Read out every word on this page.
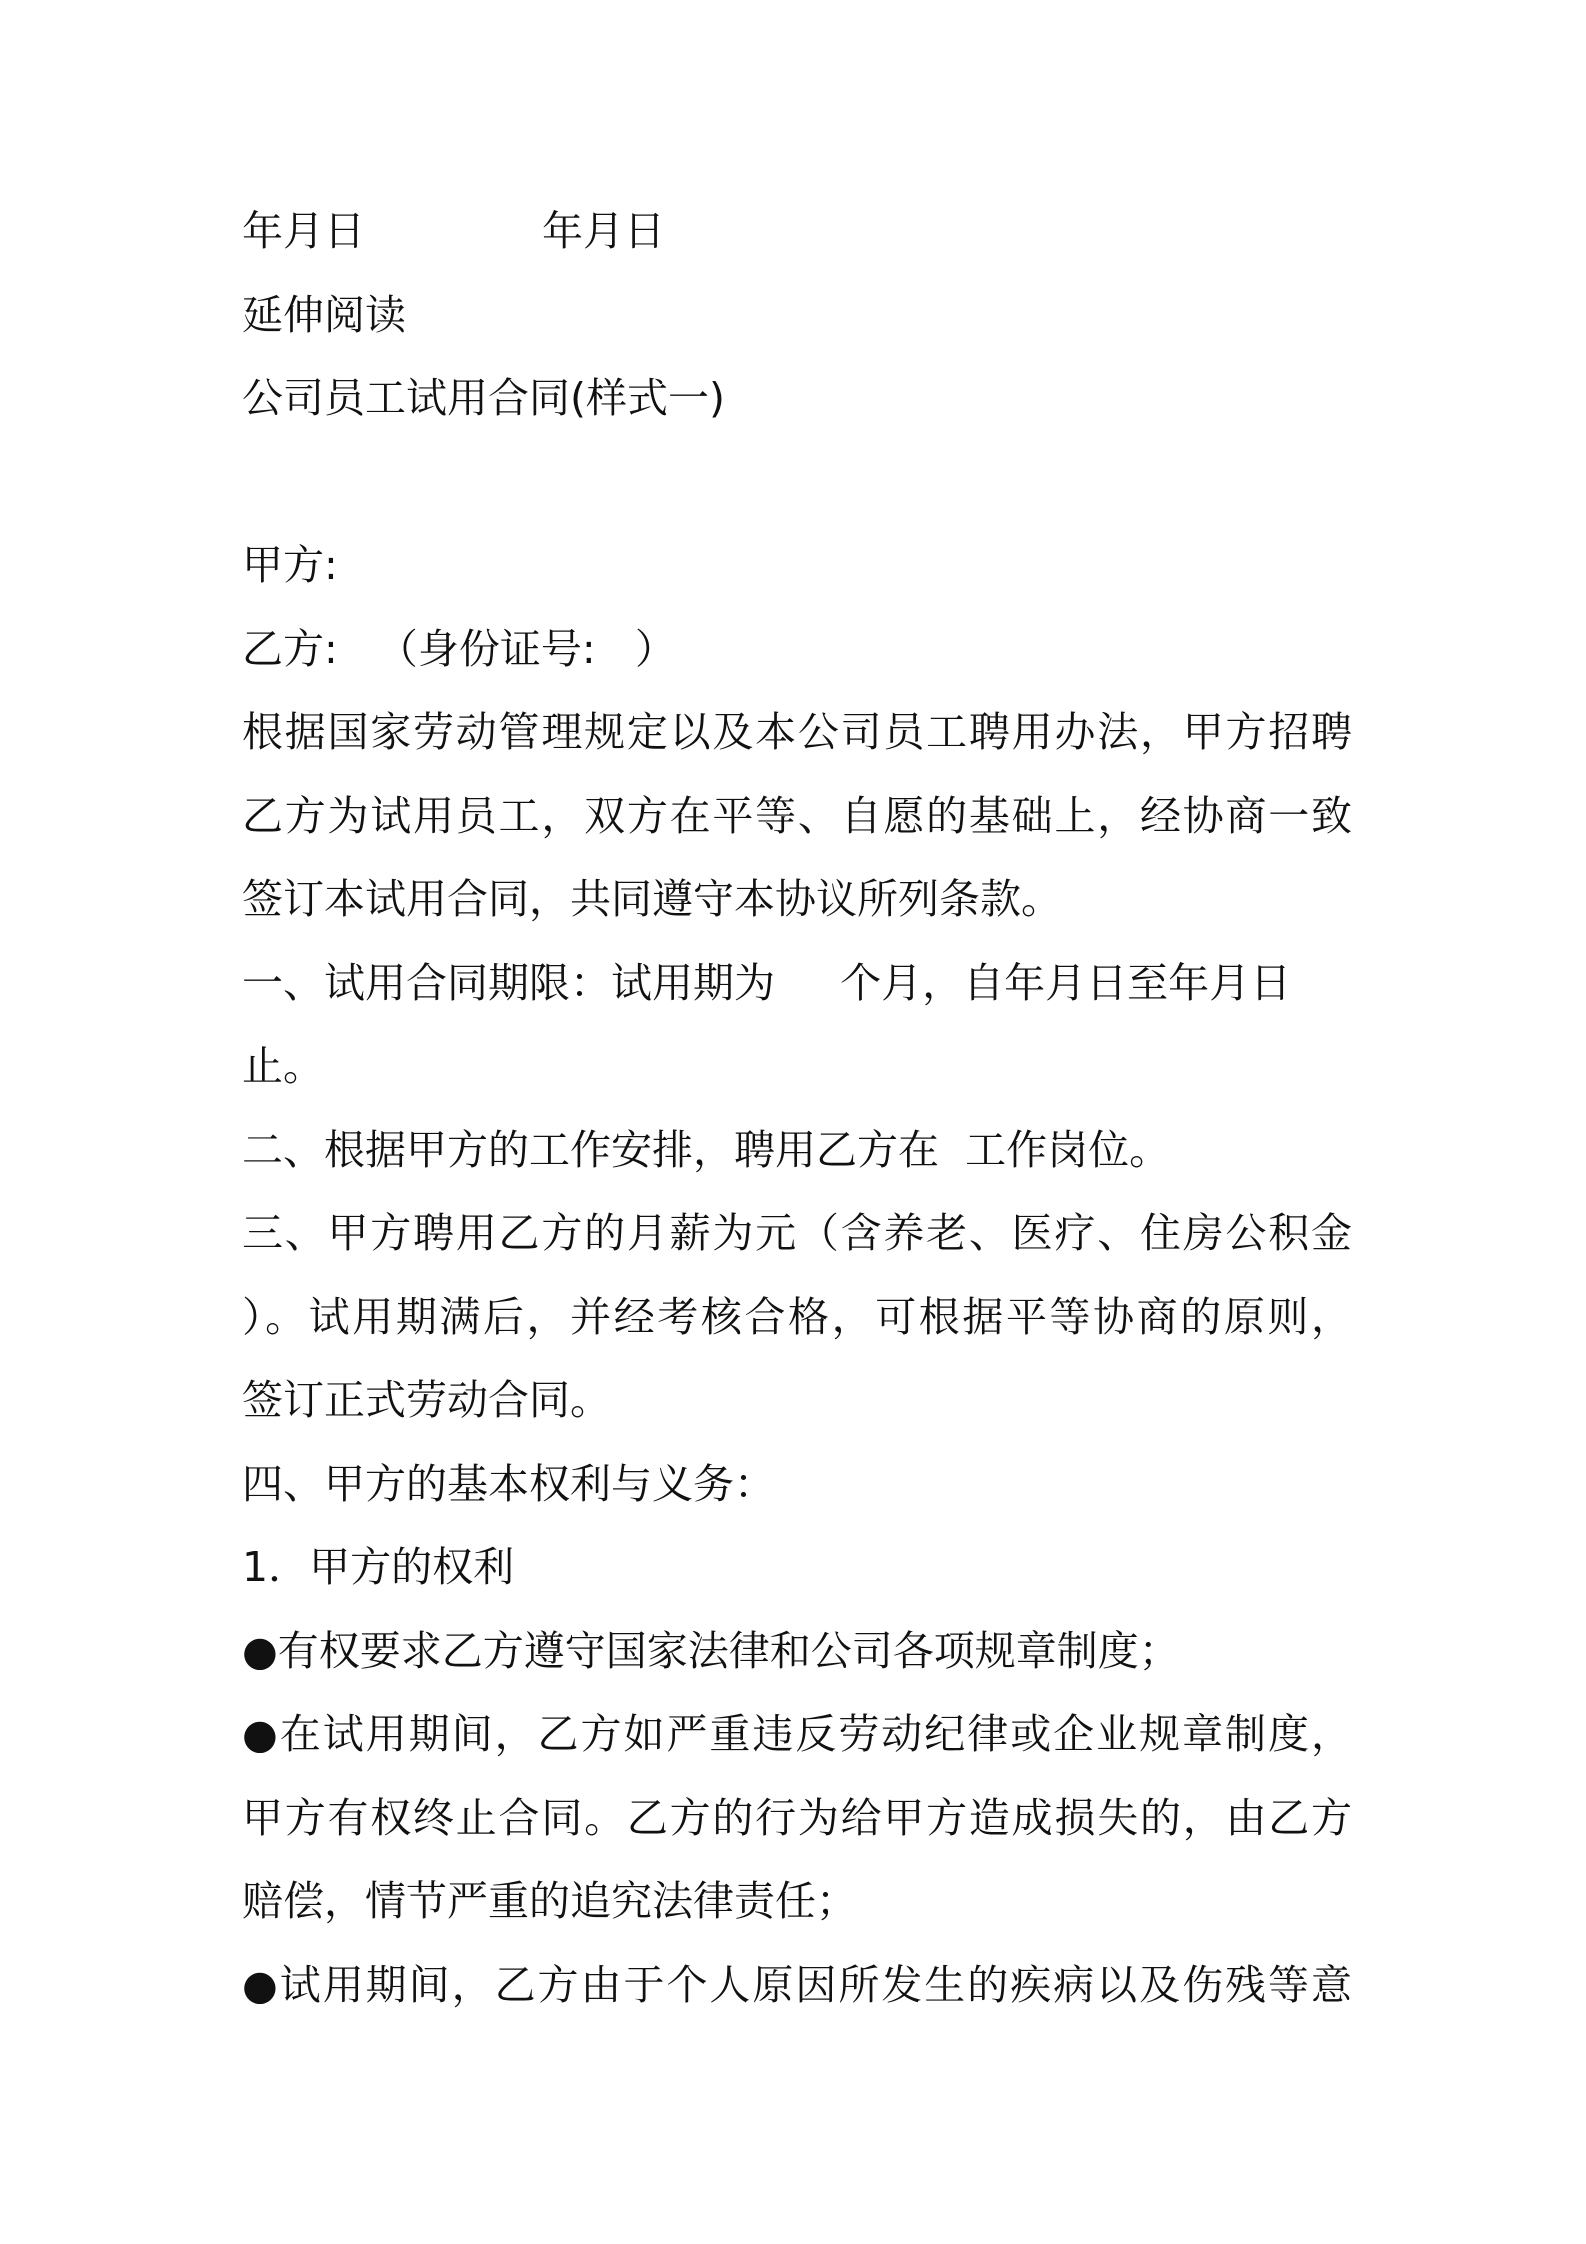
年月日	年月日
延伸阅读
公司员工试用合同(样式一)
甲方:
乙方:   （身份证号:   ）
根据国家劳动管理规定以及本公司员工聘用办法，甲方招聘
乙方为试用员工，双方在平等、自愿的基础上，经协商一致
签订本试用合同，共同遵守本协议所列条款。
一、试用合同期限：试用期为     个月，自年月日至年月日
止。
二、根据甲方的工作安排，聘用乙方在  工作岗位。
三、甲方聘用乙方的月薪为元（含养老、医疗、住房公积金
）。试用期满后，并经考核合格，可根据平等协商的原则，
签订正式劳动合同。
四、甲方的基本权利与义务：
1．甲方的权利
●有权要求乙方遵守国家法律和公司各项规章制度；
●在试用期间，乙方如严重违反劳动纪律或企业规章制度，
甲方有权终止合同。乙方的行为给甲方造成损失的，由乙方
赔偿，情节严重的追究法律责任；
●试用期间，乙方由于个人原因所发生的疾病以及伤残等意
